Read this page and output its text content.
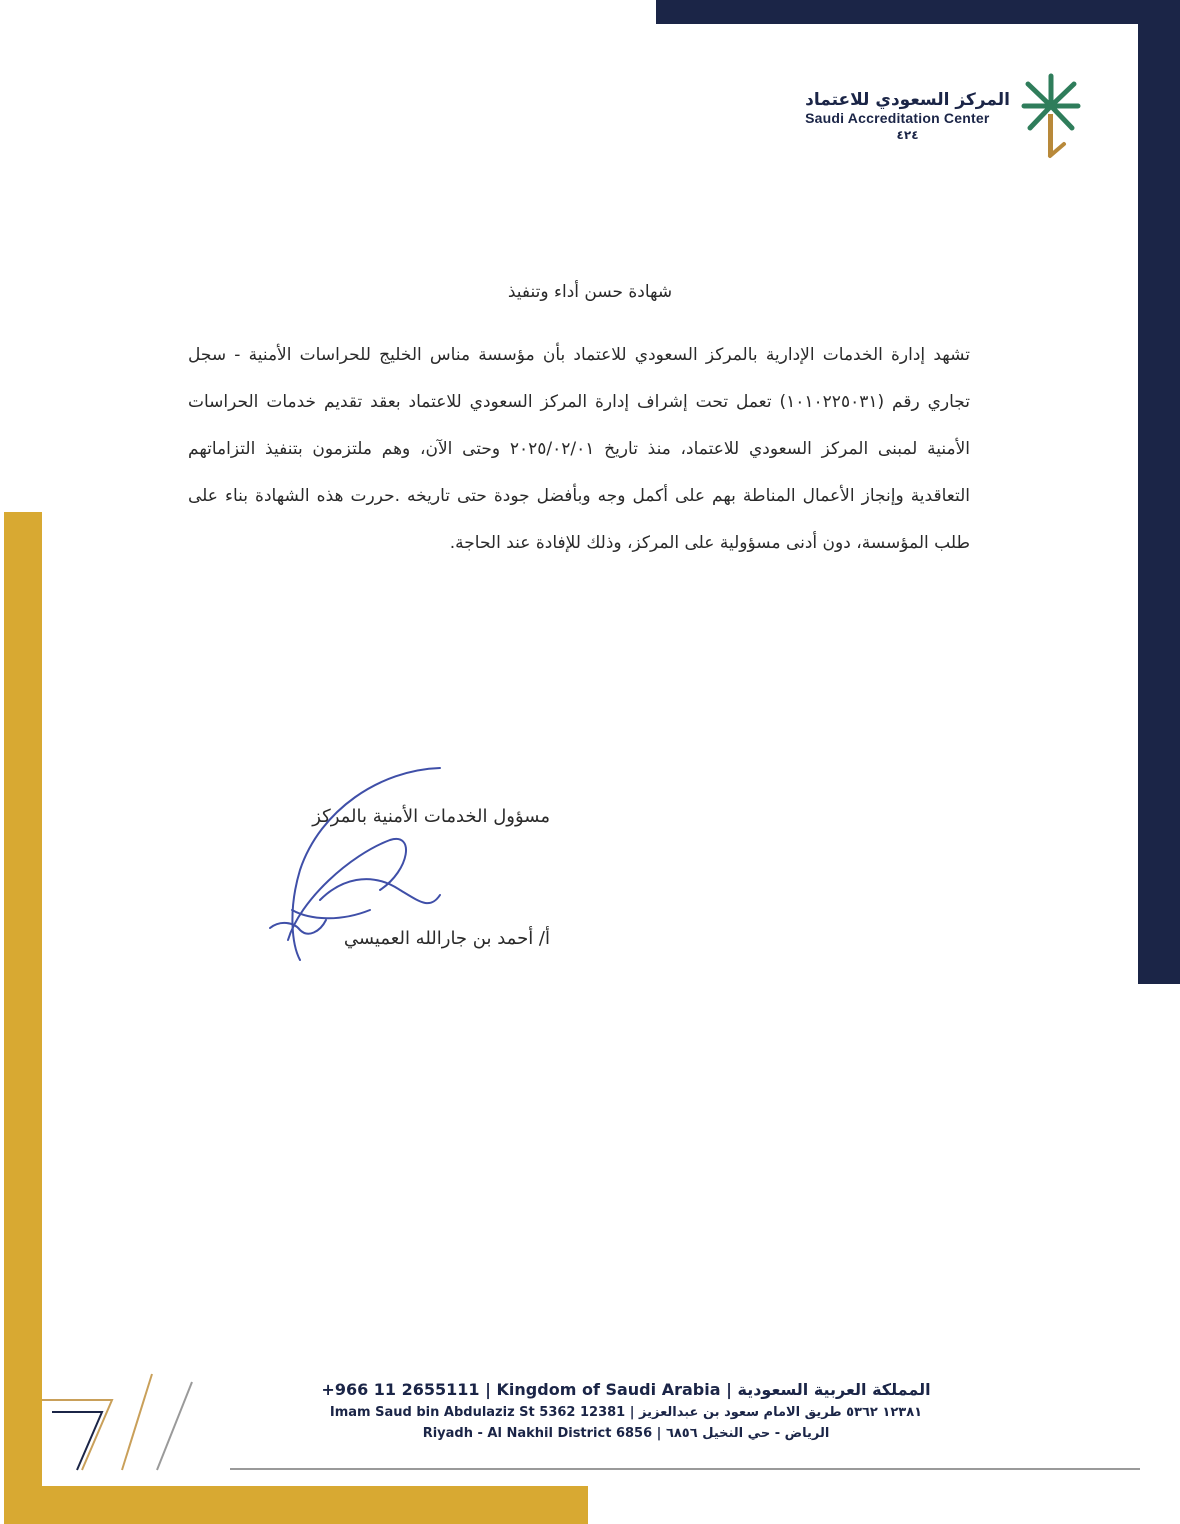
المركز السعودي للاعتماد
Saudi Accreditation Center
٤٢٤
شهادة حسن أداء وتنفيذ
تشهد إدارة الخدمات الإدارية بالمركز السعودي للاعتماد بأن مؤسسة مناس الخليج للحراسات الأمنية - سجل تجاري رقم (١٠١٠٢٢٥٠٣١) تعمل تحت إشراف إدارة المركز السعودي للاعتماد بعقد تقديم خدمات الحراسات الأمنية لمبنى المركز السعودي للاعتماد، منذ تاريخ ٢٠٢٥/٠٢/٠١ وحتى الآن، وهم ملتزمون بتنفيذ التزاماتهم التعاقدية وإنجاز الأعمال المناطة بهم على أكمل وجه وبأفضل جودة حتى تاريخه .حررت هذه الشهادة بناء على طلب المؤسسة، دون أدنى مسؤولية على المركز، وذلك للإفادة عند الحاجة.
مسؤول الخدمات الأمنية بالمركز
أ/ أحمد بن جارالله العميسي
+966 11 2655111 | Kingdom of Saudi Arabia | المملكة العربية السعودية
Imam Saud bin Abdulaziz St 5362 12381 | ١٢٣٨١ ٥٣٦٢ طريق الامام سعود بن عبدالعزيز
Riyadh - Al Nakhil District 6856 | الرياض - حي النخيل ٦٨٥٦
